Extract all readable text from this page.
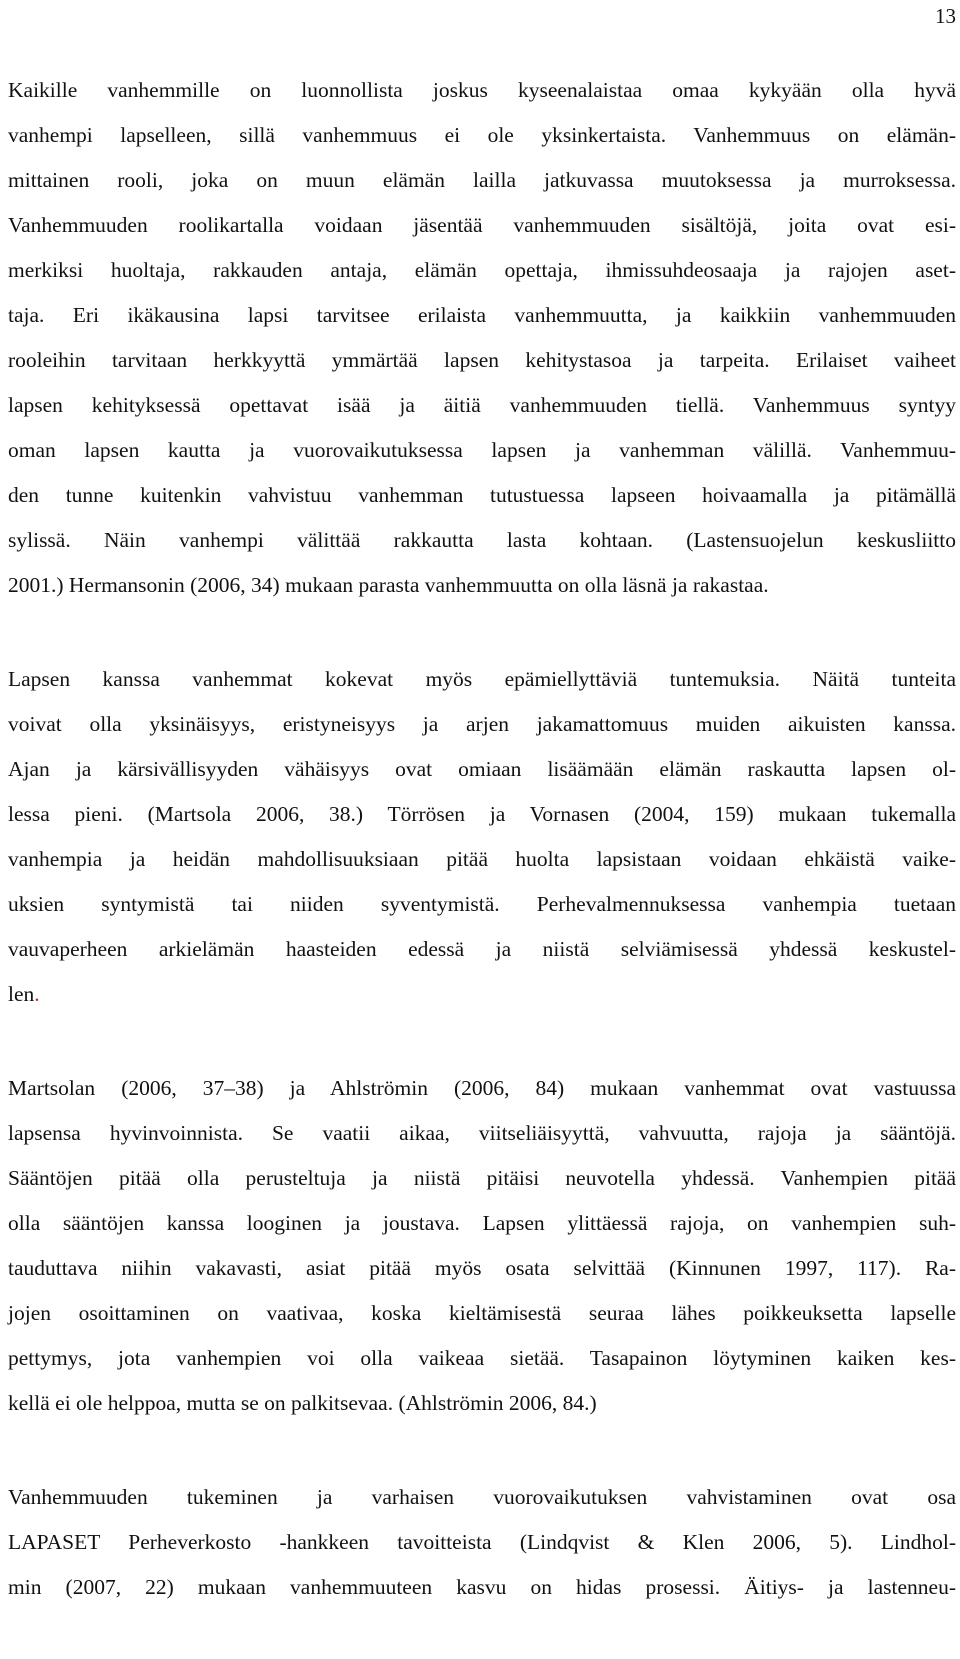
13
Kaikille vanhemmille on luonnollista joskus kyseenalaistaa omaa kykyään olla hyvä
vanhempi lapselleen, sillä vanhemmuus ei ole yksinkertaista. Vanhemmuus on elämän-
mittainen rooli, joka on muun elämän lailla jatkuvassa muutoksessa ja murroksessa.
Vanhemmuuden roolikartalla voidaan jäsentää vanhemmuuden sisältöjä, joita ovat esi-
merkiksi huoltaja, rakkauden antaja, elämän opettaja, ihmissuhdeosaaja ja rajojen aset-
taja. Eri ikäkausina lapsi tarvitsee erilaista vanhemmuutta, ja kaikkiin vanhemmuuden
rooleihin tarvitaan herkkyyttä ymmärtää lapsen kehitystasoa ja tarpeita. Erilaiset vaiheet
lapsen kehityksessä opettavat isää ja äitiä vanhemmuuden tiellä. Vanhemmuus syntyy
oman lapsen kautta ja vuorovaikutuksessa lapsen ja vanhemman välillä. Vanhemmuu-
den tunne kuitenkin vahvistuu vanhemman tutustuessa lapseen hoivaamalla ja pitämällä
sylissä. Näin vanhempi välittää rakkautta lasta kohtaan. (Lastensuojelun keskusliitto
2001.) Hermansonin (2006, 34) mukaan parasta vanhemmuutta on olla läsnä ja rakastaa.
Lapsen kanssa vanhemmat kokevat myös epämiellyttäviä tuntemuksia. Näitä tunteita
voivat olla yksinäisyys, eristyneisyys ja arjen jakamattomuus muiden aikuisten kanssa.
Ajan ja kärsivällisyyden vähäisyys ovat omiaan lisäämään elämän raskautta lapsen ol-
lessa pieni. (Martsola 2006, 38.) Törrösen ja Vornasen (2004, 159) mukaan tukemalla
vanhempia ja heidän mahdollisuuksiaan pitää huolta lapsistaan voidaan ehkäistä vaike-
uksien syntymistä tai niiden syventymistä. Perhevalmennuksessa vanhempia tuetaan
vauvaperheen arkielämän haasteiden edessä ja niistä selviämisessä yhdessä keskustel-
len.
Martsolan (2006, 37–38) ja Ahlströmin (2006, 84) mukaan vanhemmat ovat vastuussa
lapsensa hyvinvoinnista. Se vaatii aikaa, viitseliäisyyttä, vahvuutta, rajoja ja sääntöjä.
Sääntöjen pitää olla perusteltuja ja niistä pitäisi neuvotella yhdessä. Vanhempien pitää
olla sääntöjen kanssa looginen ja joustava. Lapsen ylittäessä rajoja, on vanhempien suh-
tauduttava niihin vakavasti, asiat pitää myös osata selvittää (Kinnunen 1997, 117). Ra-
jojen osoittaminen on vaativaa, koska kieltämisestä seuraa lähes poikkeuksetta lapselle
pettymys, jota vanhempien voi olla vaikeaa sietää. Tasapainon löytyminen kaiken kes-
kellä ei ole helppoa, mutta se on palkitsevaa. (Ahlströmin 2006, 84.)
Vanhemmuuden tukeminen ja varhaisen vuorovaikutuksen vahvistaminen ovat osa
LAPASET Perheverkosto -hankkeen tavoitteista (Lindqvist & Klen 2006, 5). Lindhol-
min (2007, 22) mukaan vanhemmuuteen kasvu on hidas prosessi. Äitiys- ja lastenneu-
